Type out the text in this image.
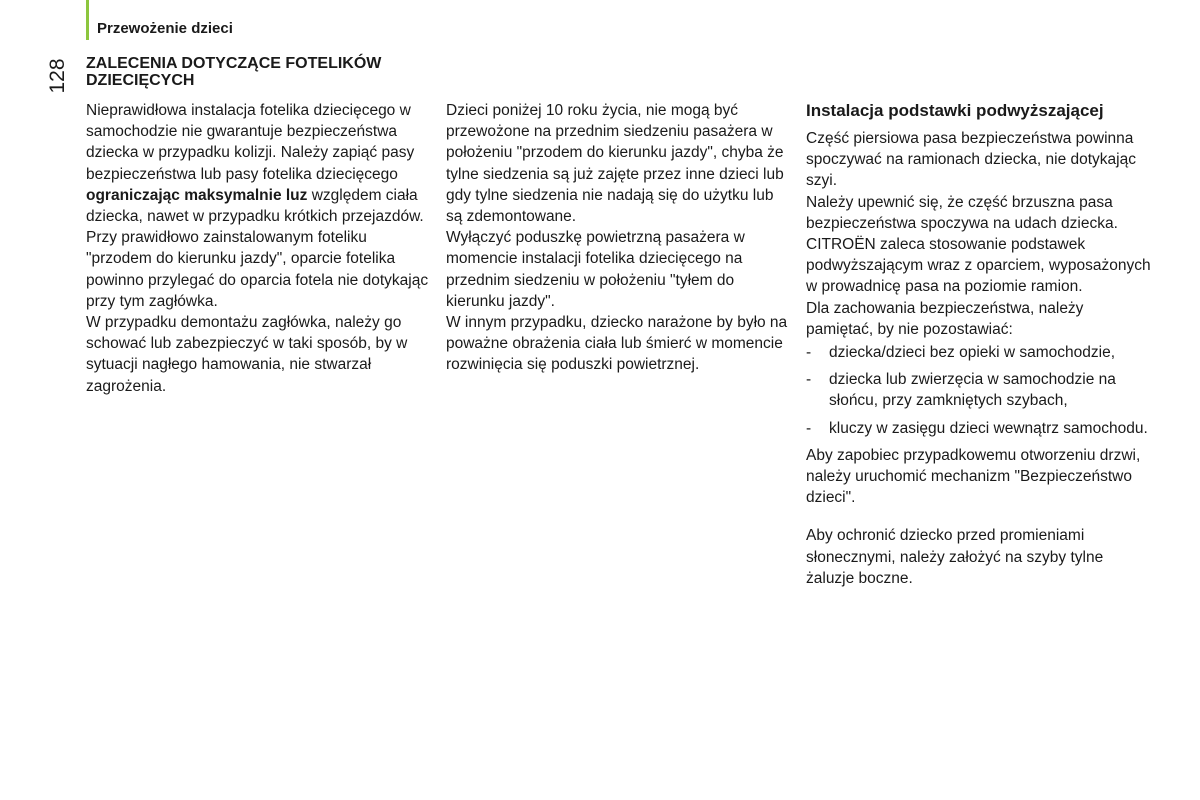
Przewożenie dzieci
128 ZALECENIA DOTYCZĄCE FOTELIKÓW DZIECIĘCYCH

Nieprawidłowa instalacja fotelika dziecięcego w samochodzie nie gwarantuje bezpieczeństwa dziecka w przypadku kolizji. Należy zapiąć pasy bezpieczeństwa lub pasy fotelika dziecięcego ograniczając maksymalnie luz względem ciała dziecka, nawet w przypadku krótkich przejazdów.

Przy prawidłowo zainstalowanym foteliku "przodem do kierunku jazdy", oparcie fotelika powinno przylegać do oparcia fotela nie dotykając przy tym zagłówka.

W przypadku demontażu zagłówka, należy go schować lub zabezpieczyć w taki sposób, by w sytuacji nagłego hamowania, nie stwarzał zagrożenia.

Dzieci poniżej 10 roku życia, nie mogą być przewożone na przednim siedzeniu pasażera w położeniu "przodem do kierunku jazdy", chyba że tylne siedzenia są już zajęte przez inne dzieci lub gdy tylne siedzenia nie nadają się do użytku lub są zdemontowane.

Wyłączyć poduszkę powietrzną pasażera w momencie instalacji fotelika dziecięcego na przednim siedzeniu w położeniu "tyłem do kierunku jazdy".

W innym przypadku, dziecko narażone by było na poważne obrażenia ciała lub śmierć w momencie rozwinięcia się poduszki powietrznej.

Instalacja podstawki podwyższającej

Część piersiowa pasa bezpieczeństwa powinna spoczywać na ramionach dziecka, nie dotykając szyi.

Należy upewnić się, że część brzuszna pasa bezpieczeństwa spoczywa na udach dziecka.

CITROËN zaleca stosowanie podstawek podwyższającym wraz z oparciem, wyposażonych w prowadnicę pasa na poziomie ramion.

Dla zachowania bezpieczeństwa, należy pamiętać, by nie pozostawiać:

- dziecka/dzieci bez opieki w samochodzie,
- dziecka lub zwierzęcia w samochodzie na słońcu, przy zamkniętych szybach,
- kluczy w zasięgu dzieci wewnątrz samochodu.

Aby zapobiec przypadkowemu otworzeniu drzwi, należy uruchomić mechanizm "Bezpieczeństwo dzieci".

Aby ochronić dziecko przed promieniami słonecznymi, należy założyć na szyby tylne żaluzje boczne.
